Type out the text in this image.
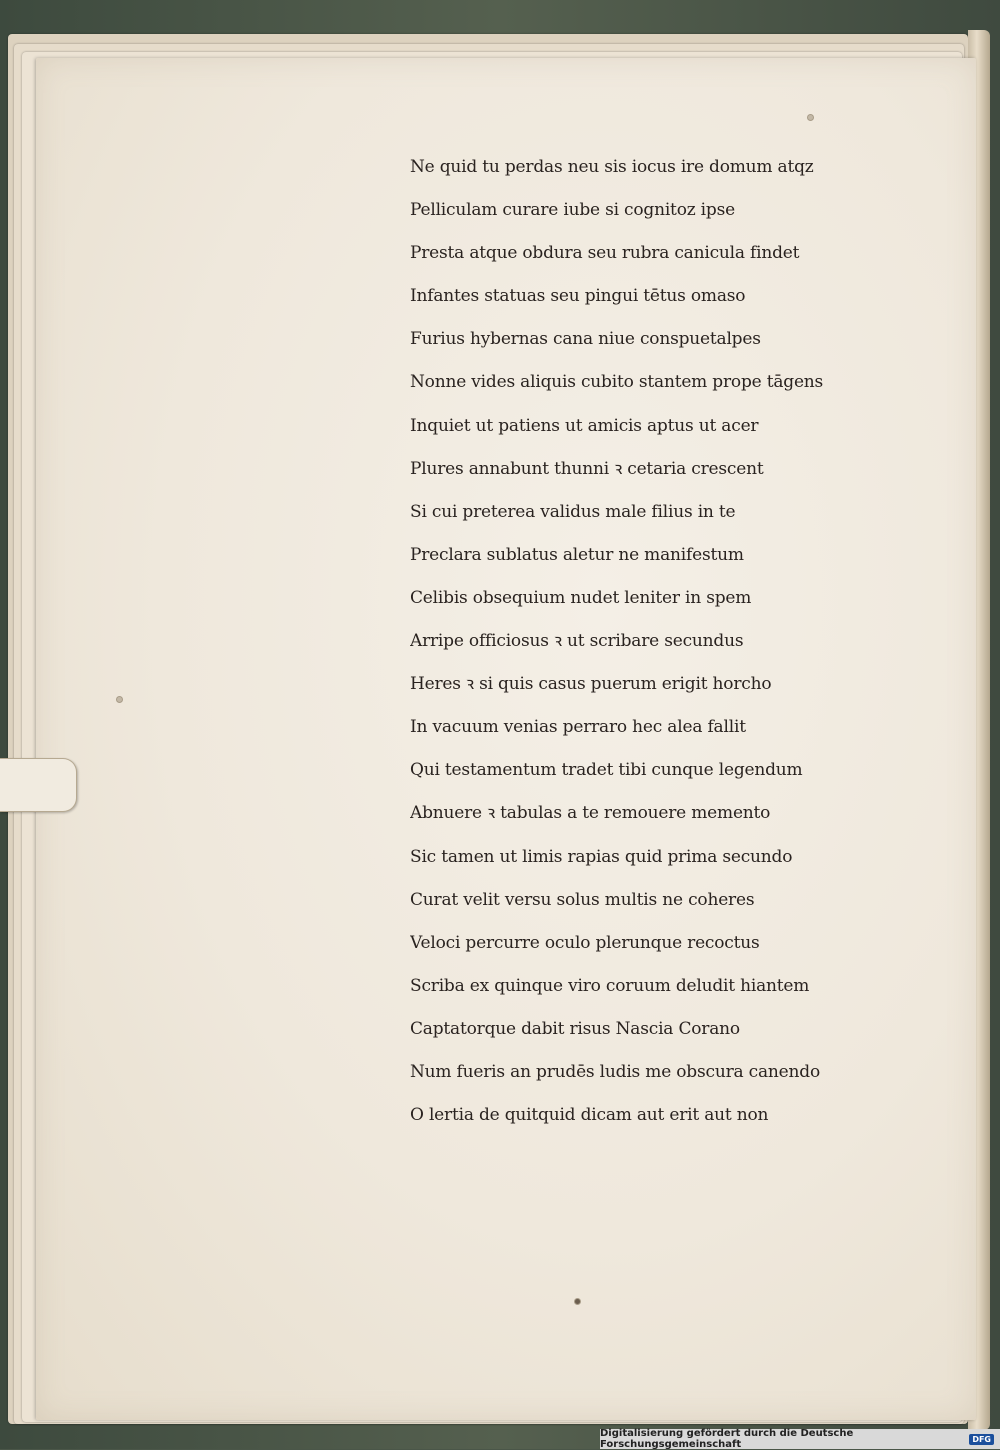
Ne quid tu perdas neu sis iocus ire domum atqz
Pelliculam curare iube si cognitoz ipse
Presta atque obdura seu rubra canicula findet
Infantes statuas seu pingui tētus omaso
Furius hybernas cana niue conspuetalpes
Nonne vides aliquis cubito stantem prope tāgens
Inquiet ut patiens ut amicis aptus ut acer
Plures annabunt thunni ꝛ cetaria crescent
Si cui preterea validus male filius in te
Preclara sublatus aletur ne manifestum
Celibis obsequium nudet leniter in spem
Arripe officiosus ꝛ ut scribare secundus
Heres ꝛ si quis casus puerum erigit horcho
In vacuum venias perraro hec alea fallit
Qui testamentum tradet tibi cunque legendum
Abnuere ꝛ tabulas a te remouere memento
Sic tamen ut limis rapias quid prima secundo
Curat velit versu solus multis ne coheres
Veloci percurre oculo plerunque recoctus
Scriba ex quinque viro coruum deludit hiantem
Captatorque dabit risus Nascia Corano
Num fueris an prudēs ludis me obscura canendo
O lertia de quitquid dicam aut erit aut non
Digitalisierung gefördert durch die Deutsche Forschungsgemeinschaft	DFG
